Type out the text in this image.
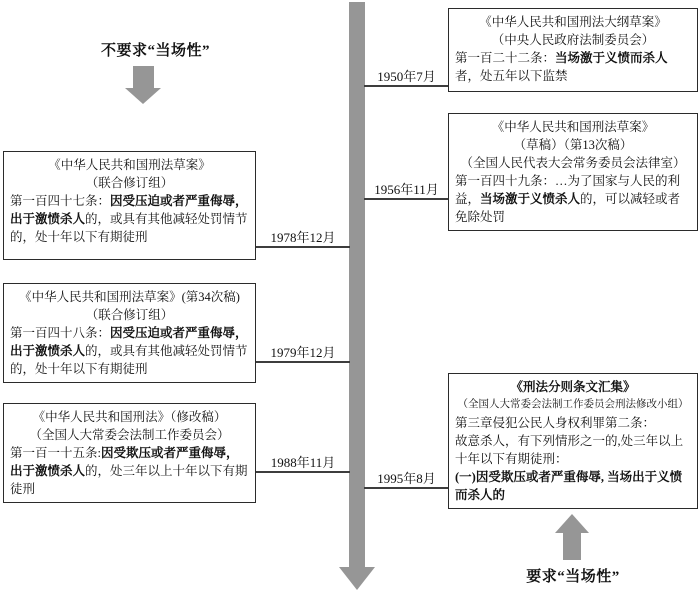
不要求“当场性”
要求“当场性”
1978年12月
1979年12月
1988年11月
1950年7月
1956年11月
1995年8月

《中华人民共和国刑法草案》

（联合修订组）

第一百四十七条：因受压迫或者严重侮辱，出于激愤杀人的，或具有其他减轻处罚情节的，处十年以下有期徒刑

《中华人民共和国刑法草案》(第34次稿)

（联合修订组）

第一百四十八条：因受压迫或者严重侮辱，出于激愤杀人的，或具有其他减轻处罚情节的，处十年以下有期徒刑

《中华人民共和国刑法》（修改稿）

（全国人大常委会法制工作委员会）

第一百一十五条:因受欺压或者严重侮辱，出于激愤杀人的，处三年以上十年以下有期徒刑

《中华人民共和国刑法大纲草案》

（中央人民政府法制委员会）

第一百二十二条：当场激于义愤而杀人者，处五年以下监禁

《中华人民共和国刑法草案》

（草稿）（第13次稿）

（全国人民代表大会常务委员会法律室）

第一百四十九条：…为了国家与人民的利益，当场激于义愤杀人的，可以减轻或者免除处罚

《刑法分则条文汇集》

（全国人大常委会法制工作委员会刑法修改小组）

第三章侵犯公民人身权利罪第二条：

故意杀人，有下列情形之一的,处三年以上十年以下有期徒刑：

(一)因受欺压或者严重侮辱, 当场出于义愤而杀人的
